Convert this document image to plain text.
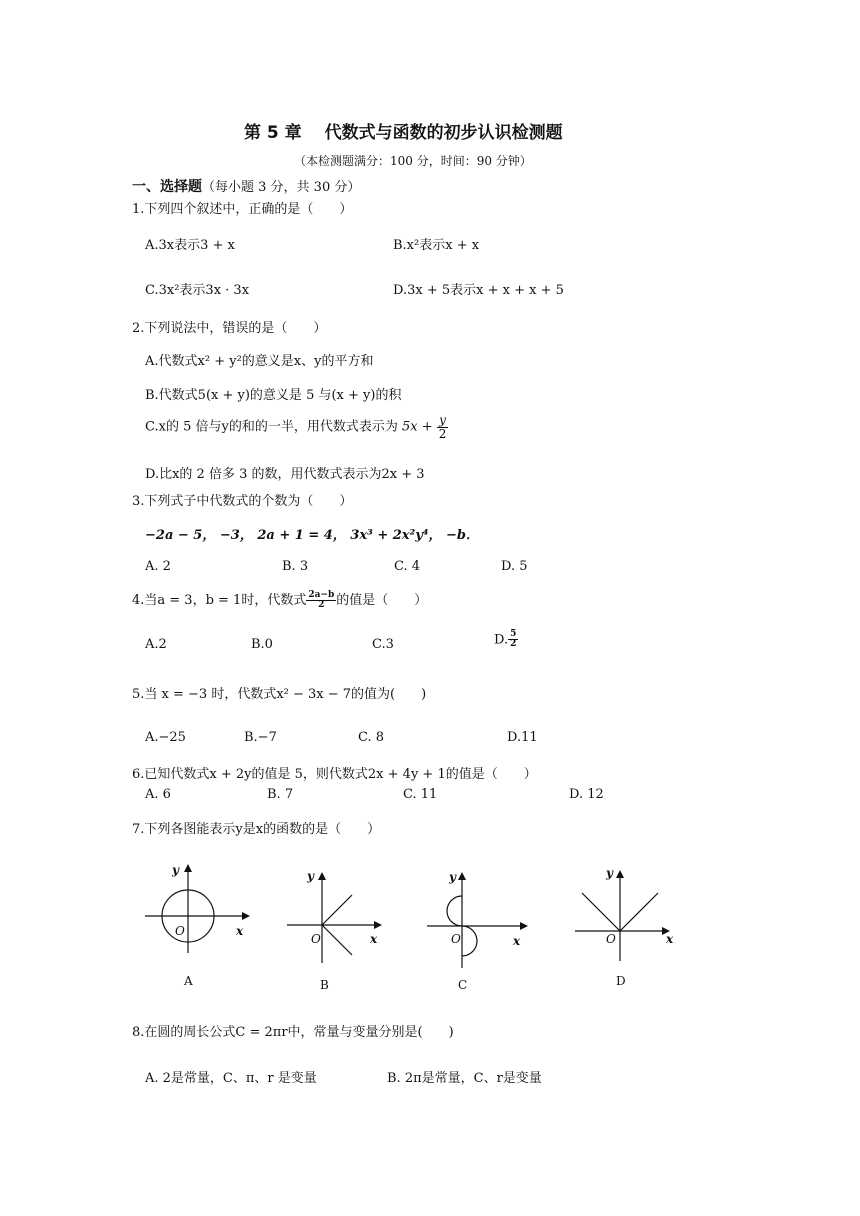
第 5 章　 代数式与函数的初步认识检测题
（本检测题满分：100 分，时间：90 分钟）
一、选择题（每小题 3 分，共 30 分）
1.下列四个叙述中，正确的是（　　）
A.3x表示3 + x	B.x²表示x + x
C.3x²表示3x · 3x	D.3x + 5表示x + x + x + 5
2.下列说法中，错误的是（　　）
A.代数式x² + y²的意义是x、y的平方和
B.代数式5(x + y)的意义是 5 与(x + y)的积
C.x的 5 倍与y的和的一半，用代数式表示为 $5x + \frac{y}{2}$
D.比x的 2 倍多 3 的数，用代数式表示为2x + 3
3.下列式子中代数式的个数为（　　）
−2a − 5， −3， 2a + 1 = 4， 3x³ + 2x²y⁴， −b．
A. 2	B. 3	C. 4	D. 5
4.当a = 3，b = 1时，代数式 $\frac{2a-b}{2}$ 的值是（　　）
A.2	B.0	C.3	D. $\frac{5}{2}$
5.当 x = −3 时，代数式x² − 3x − 7的值为(　　)
A.−25	B.−7	C. 8	D.11
6.已知代数式x + 2y的值是 5，则代数式2x + 4y + 1的值是（　　）
A. 6	B. 7	C. 11	D. 12
7.下列各图能表示y是x的函数的是（　　）
y
x
O
A
y
x
O
B
y
x
O
C
y
x
O
D
8.在圆的周长公式C = 2πr中，常量与变量分别是(　　)
A. 2是常量，C、π、r 是变量	B. 2π是常量，C、r是变量
